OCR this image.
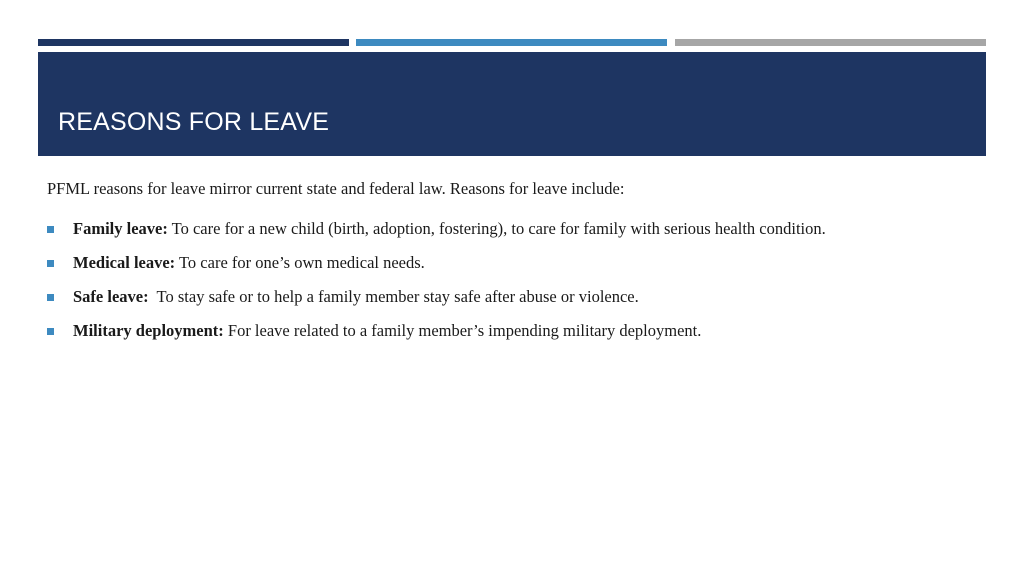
REASONS FOR LEAVE
PFML reasons for leave mirror current state and federal law. Reasons for leave include:
Family leave: To care for a new child (birth, adoption, fostering), to care for family with serious health condition.
Medical leave: To care for one’s own medical needs.
Safe leave: To stay safe or to help a family member stay safe after abuse or violence.
Military deployment: For leave related to a family member’s impending military deployment.
